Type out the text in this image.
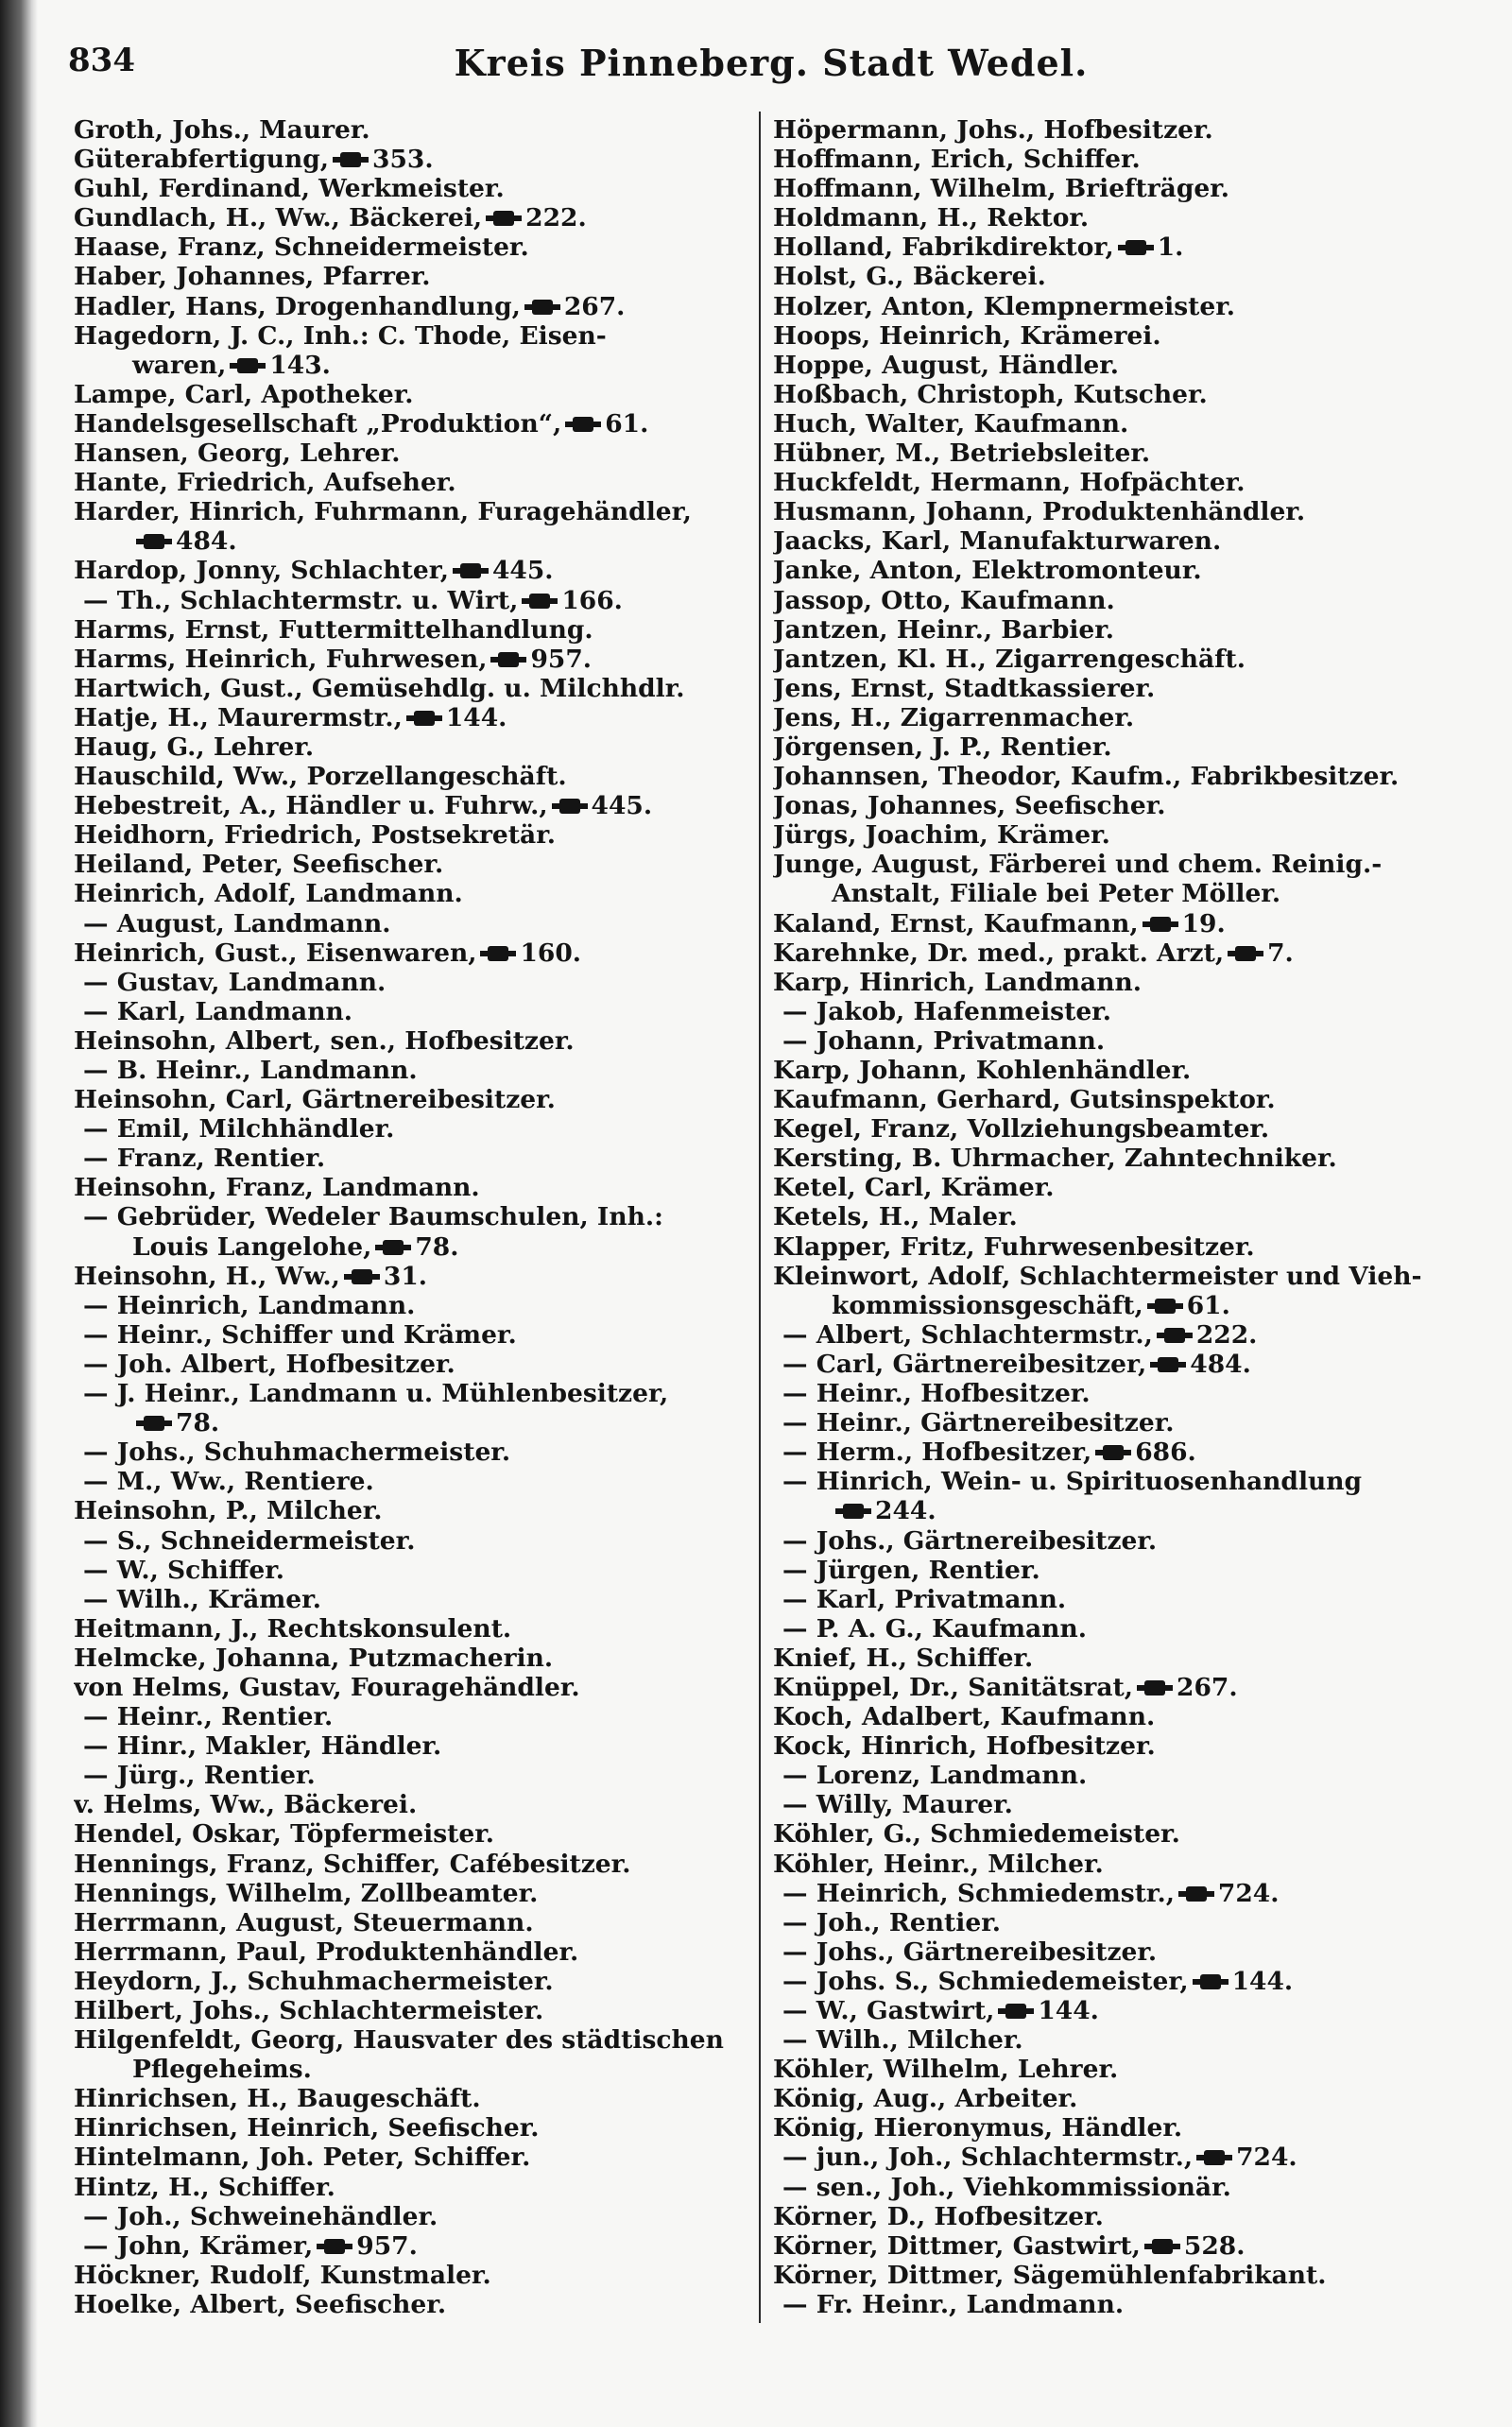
834	Kreis Pinneberg. Stadt Wedel.
Groth, Johs., Maurer.
Güterabfertigung, 353.
Guhl, Ferdinand, Werkmeister.
Gundlach, H., Ww., Bäckerei, 222.
Haase, Franz, Schneidermeister.
Haber, Johannes, Pfarrer.
Hadler, Hans, Drogenhandlung, 267.
Hagedorn, J. C., Inh.: C. Thode, Eisen-
waren, 143.
Lampe, Carl, Apotheker.
Handelsgesellschaft „Produktion“, 61.
Hansen, Georg, Lehrer.
Hante, Friedrich, Aufseher.
Harder, Hinrich, Fuhrmann, Furagehändler,
484.
Hardop, Jonny, Schlachter, 445.
— Th., Schlachtermstr. u. Wirt, 166.
Harms, Ernst, Futtermittelhandlung.
Harms, Heinrich, Fuhrwesen, 957.
Hartwich, Gust., Gemüsehdlg. u. Milchhdlr.
Hatje, H., Maurermstr., 144.
Haug, G., Lehrer.
Hauschild, Ww., Porzellangeschäft.
Hebestreit, A., Händler u. Fuhrw., 445.
Heidhorn, Friedrich, Postsekretär.
Heiland, Peter, Seefischer.
Heinrich, Adolf, Landmann.
— August, Landmann.
Heinrich, Gust., Eisenwaren, 160.
— Gustav, Landmann.
— Karl, Landmann.
Heinsohn, Albert, sen., Hofbesitzer.
— B. Heinr., Landmann.
Heinsohn, Carl, Gärtnereibesitzer.
— Emil, Milchhändler.
— Franz, Rentier.
Heinsohn, Franz, Landmann.
— Gebrüder, Wedeler Baumschulen, Inh.:
Louis Langelohe, 78.
Heinsohn, H., Ww., 31.
— Heinrich, Landmann.
— Heinr., Schiffer und Krämer.
— Joh. Albert, Hofbesitzer.
— J. Heinr., Landmann u. Mühlenbesitzer,
78.
— Johs., Schuhmachermeister.
— M., Ww., Rentiere.
Heinsohn, P., Milcher.
— S., Schneidermeister.
— W., Schiffer.
— Wilh., Krämer.
Heitmann, J., Rechtskonsulent.
Helmcke, Johanna, Putzmacherin.
von Helms, Gustav, Fouragehändler.
— Heinr., Rentier.
— Hinr., Makler, Händler.
— Jürg., Rentier.
v. Helms, Ww., Bäckerei.
Hendel, Oskar, Töpfermeister.
Hennings, Franz, Schiffer, Cafébesitzer.
Hennings, Wilhelm, Zollbeamter.
Herrmann, August, Steuermann.
Herrmann, Paul, Produktenhändler.
Heydorn, J., Schuhmachermeister.
Hilbert, Johs., Schlachtermeister.
Hilgenfeldt, Georg, Hausvater des städtischen
Pflegeheims.
Hinrichsen, H., Baugeschäft.
Hinrichsen, Heinrich, Seefischer.
Hintelmann, Joh. Peter, Schiffer.
Hintz, H., Schiffer.
— Joh., Schweinehändler.
— John, Krämer, 957.
Höckner, Rudolf, Kunstmaler.
Hoelke, Albert, Seefischer.
Höpermann, Johs., Hofbesitzer.
Hoffmann, Erich, Schiffer.
Hoffmann, Wilhelm, Briefträger.
Holdmann, H., Rektor.
Holland, Fabrikdirektor, 1.
Holst, G., Bäckerei.
Holzer, Anton, Klempnermeister.
Hoops, Heinrich, Krämerei.
Hoppe, August, Händler.
Hoßbach, Christoph, Kutscher.
Huch, Walter, Kaufmann.
Hübner, M., Betriebsleiter.
Huckfeldt, Hermann, Hofpächter.
Husmann, Johann, Produktenhändler.
Jaacks, Karl, Manufakturwaren.
Janke, Anton, Elektromonteur.
Jassop, Otto, Kaufmann.
Jantzen, Heinr., Barbier.
Jantzen, Kl. H., Zigarrengeschäft.
Jens, Ernst, Stadtkassierer.
Jens, H., Zigarrenmacher.
Jörgensen, J. P., Rentier.
Johannsen, Theodor, Kaufm., Fabrikbesitzer.
Jonas, Johannes, Seefischer.
Jürgs, Joachim, Krämer.
Junge, August, Färberei und chem. Reinig.-
Anstalt, Filiale bei Peter Möller.
Kaland, Ernst, Kaufmann, 19.
Karehnke, Dr. med., prakt. Arzt, 7.
Karp, Hinrich, Landmann.
— Jakob, Hafenmeister.
— Johann, Privatmann.
Karp, Johann, Kohlenhändler.
Kaufmann, Gerhard, Gutsinspektor.
Kegel, Franz, Vollziehungsbeamter.
Kersting, B. Uhrmacher, Zahntechniker.
Ketel, Carl, Krämer.
Ketels, H., Maler.
Klapper, Fritz, Fuhrwesenbesitzer.
Kleinwort, Adolf, Schlachtermeister und Vieh-
kommissionsgeschäft, 61.
— Albert, Schlachtermstr., 222.
— Carl, Gärtnereibesitzer, 484.
— Heinr., Hofbesitzer.
— Heinr., Gärtnereibesitzer.
— Herm., Hofbesitzer, 686.
— Hinrich, Wein- u. Spirituosenhandlung
244.
— Johs., Gärtnereibesitzer.
— Jürgen, Rentier.
— Karl, Privatmann.
— P. A. G., Kaufmann.
Knief, H., Schiffer.
Knüppel, Dr., Sanitätsrat, 267.
Koch, Adalbert, Kaufmann.
Kock, Hinrich, Hofbesitzer.
— Lorenz, Landmann.
— Willy, Maurer.
Köhler, G., Schmiedemeister.
Köhler, Heinr., Milcher.
— Heinrich, Schmiedemstr., 724.
— Joh., Rentier.
— Johs., Gärtnereibesitzer.
— Johs. S., Schmiedemeister, 144.
— W., Gastwirt, 144.
— Wilh., Milcher.
Köhler, Wilhelm, Lehrer.
König, Aug., Arbeiter.
König, Hieronymus, Händler.
— jun., Joh., Schlachtermstr., 724.
— sen., Joh., Viehkommissionär.
Körner, D., Hofbesitzer.
Körner, Dittmer, Gastwirt, 528.
Körner, Dittmer, Sägemühlenfabrikant.
— Fr. Heinr., Landmann.
